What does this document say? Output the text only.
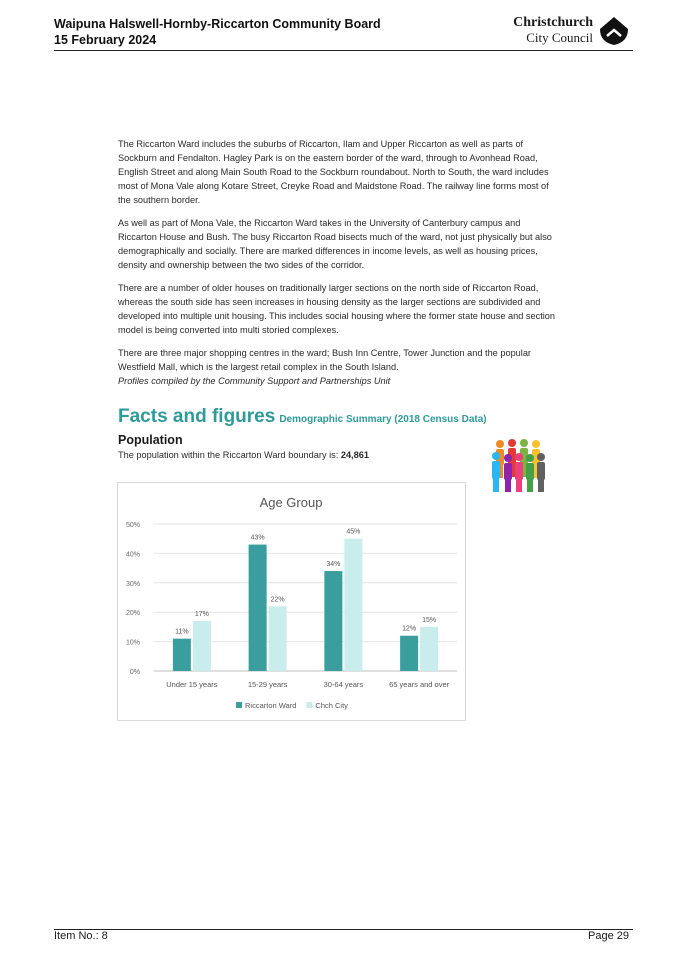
Waipuna Halswell-Hornby-Riccarton Community Board
15 February 2024
Christchurch
City Council

The Riccarton Ward includes the suburbs of Riccarton, Ilam and Upper Riccarton as well as parts of Sockburn and Fendalton. Hagley Park is on the eastern border of the ward, through to Avonhead Road, English Street and along Main South Road to the Sockburn roundabout. North to South, the ward includes most of Mona Vale along Kotare Street, Creyke Road and Maidstone Road. The railway line forms most of the southern border.

As well as part of Mona Vale, the Riccarton Ward takes in the University of Canterbury campus and Riccarton House and Bush. The busy Riccarton Road bisects much of the ward, not just physically but also demographically and socially. There are marked differences in income levels, as well as housing prices, density and ownership between the two sides of the corridor.

There are a number of older houses on traditionally larger sections on the north side of Riccarton Road, whereas the south side has seen increases in housing density as the larger sections are subdivided and developed into multiple unit housing. This includes social housing where the former state house and section model is being converted into multi storied complexes.

There are three major shopping centres in the ward; Bush Inn Centre, Tower Junction and the popular Westfield Mall, which is the largest retail complex in the South Island.

Profiles compiled by the Community Support and Partnerships Unit

Facts and figures Demographic Summary (2018 Census Data)
Population
The population within the Riccarton Ward boundary is: 24,861
Age Group
0%
10%
20%
30%
40%
50%
11%
17%
Under 15 years
43%
22%
15-29 years
34%
45%
30-64 years
12%
15%
65 years and over
Riccarton Ward	Chch City
Item No.: 8	Page 29
